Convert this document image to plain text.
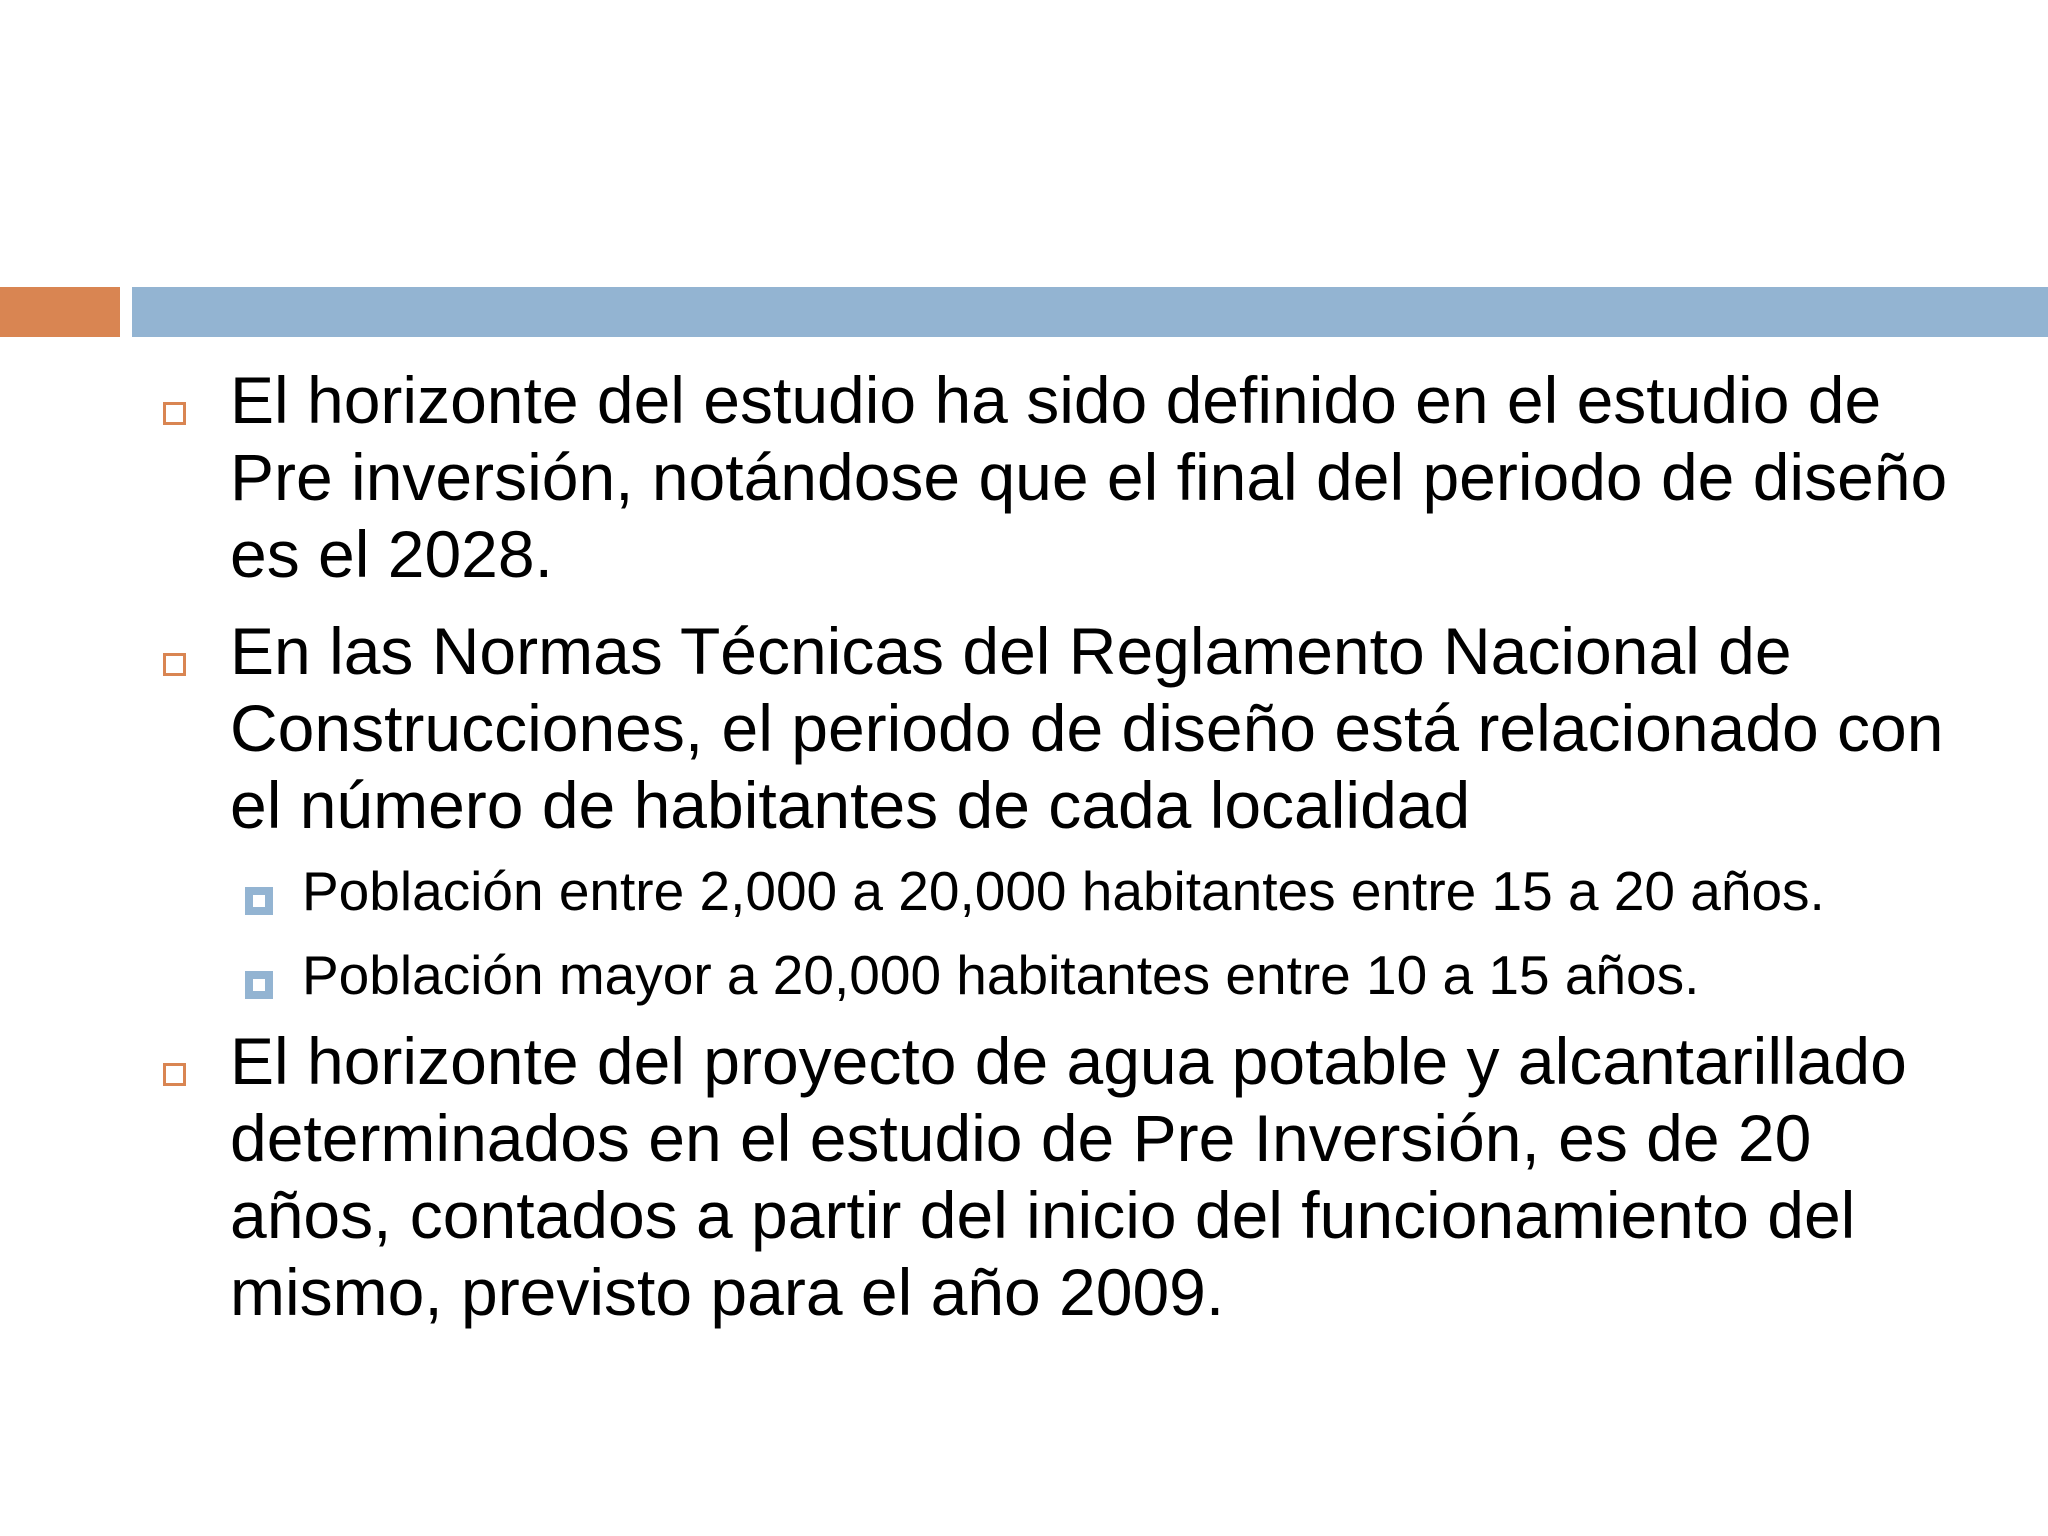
El horizonte del estudio ha sido definido en el estudio de Pre inversión, notándose que el final del periodo de diseño es el 2028.
En las Normas Técnicas del Reglamento Nacional de Construcciones, el periodo de diseño está relacionado con el número de habitantes de cada localidad
Población entre 2,000 a 20,000 habitantes entre 15 a 20 años.
Población mayor a 20,000 habitantes entre 10 a 15 años.
El horizonte del proyecto de agua potable y alcantarillado determinados en el estudio de Pre Inversión, es de 20 años, contados a partir del inicio del funcionamiento del mismo, previsto para el año 2009.
